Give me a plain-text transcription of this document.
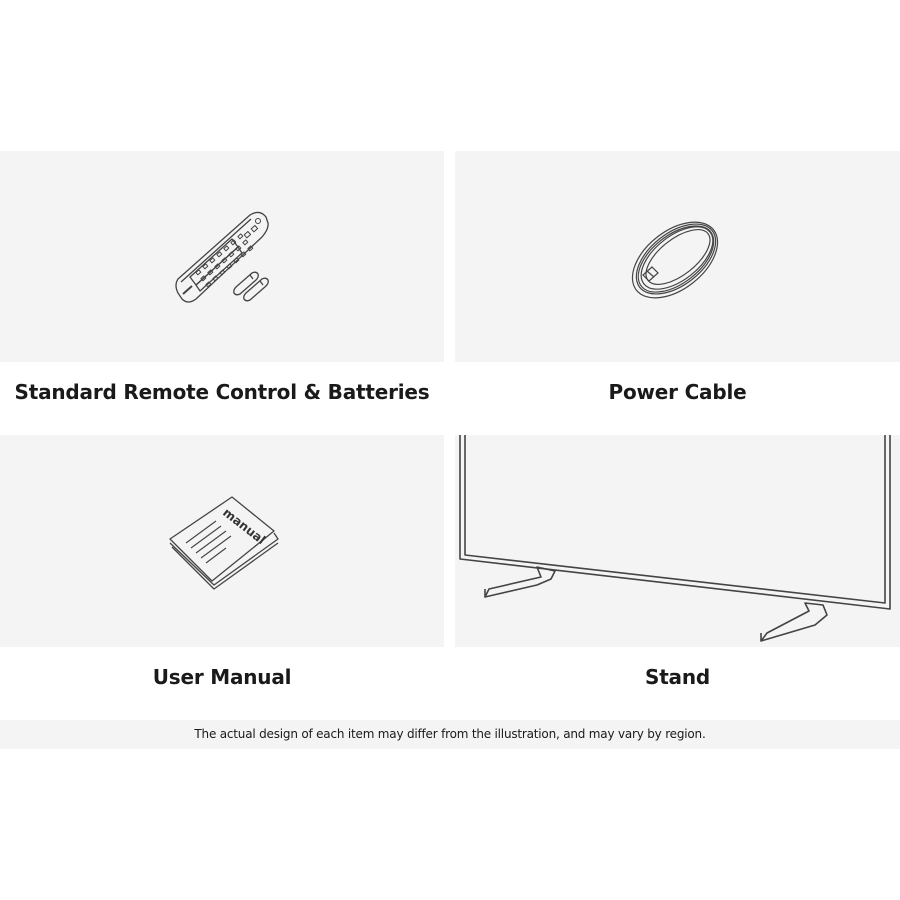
Standard Remote Control & Batteries	Power Cable
manual
User Manual	Stand
The actual design of each item may differ from the illustration, and may vary by region.
